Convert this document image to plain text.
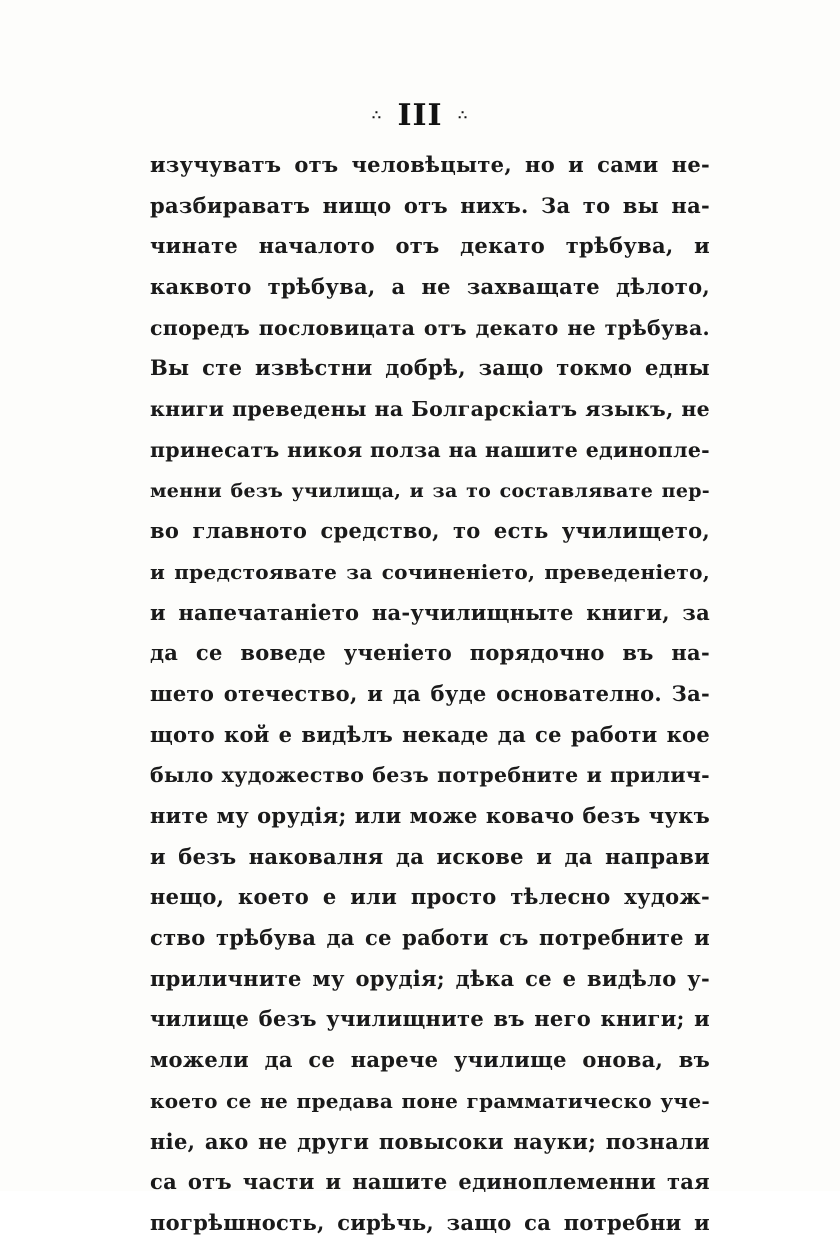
∴ III ∴
изучуватъ отъ человѣцыте, но и сами не-
разбираватъ нищо отъ нихъ. За то вы на-
чинате началото отъ декато трѣбува, и
каквото трѣбува, а не захващате дѣлото,
споредъ пословицата отъ декато не трѣбува.
Вы сте извѣстни добрѣ, защо токмо едны
книги преведены на Болгарскіатъ языкъ, не
принесатъ никоя полза на нашите единопле-
менни безъ училища, и за то составлявате пер-
во главното средство, то есть училището,
и предстоявате за сочиненіето, преведеніето,
и напечатаніето на-училищныте книги, за
да се воведе ученіето порядочно въ на-
шето отечество, и да буде основателно. За-
щото кой е видѣлъ некаде да се работи кое
было художество безъ потребните и прилич-
ните му орудія; или може ковачо безъ чукъ
и безъ наковалня да искове и да направи
нещо, което е или просто тѣлесно худож-
ство трѣбува да се работи съ потребните и
приличните му орудія; дѣка се е видѣло у-
чилище безъ учили​щните въ него книги; и
можели да се нарече училище онова, въ
което се не предава поне грамматическо уче-
ніе, ако не други повысоки науки; познали
са отъ части и нашите единоплеменни тая
погрѣшность, сирѣчь, защо са потребни и
